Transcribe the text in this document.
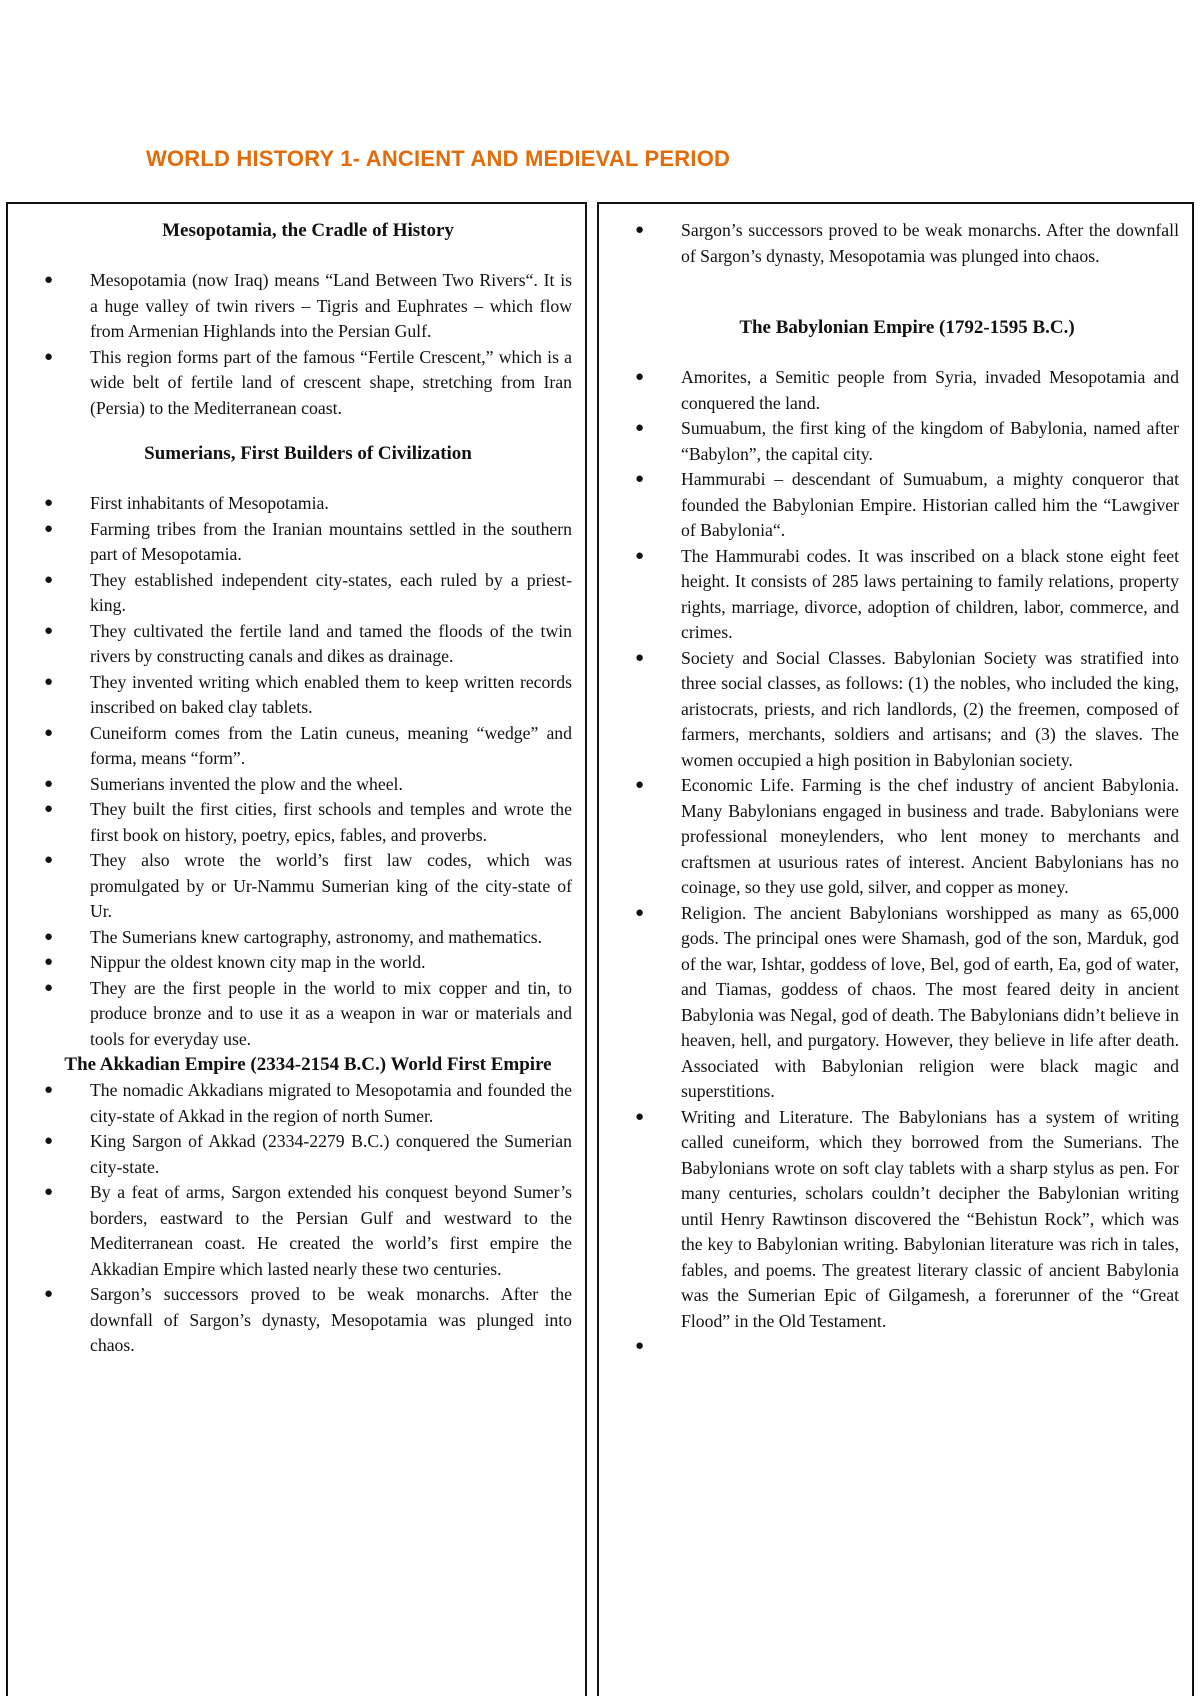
WORLD HISTORY 1- ANCIENT AND MEDIEVAL PERIOD
Mesopotamia, the Cradle of History
● Mesopotamia (now Iraq) means “Land Between Two Rivers“. It is a huge valley of twin rivers – Tigris and Euphrates – which flow from Armenian Highlands into the Persian Gulf.
● This region forms part of the famous “Fertile Crescent,” which is a wide belt of fertile land of crescent shape, stretching from Iran (Persia) to the Mediterranean coast.
Sumerians, First Builders of Civilization
● First inhabitants of Mesopotamia.
● Farming tribes from the Iranian mountains settled in the southern part of Mesopotamia.
● They established independent city-states, each ruled by a priest-king.
● They cultivated the fertile land and tamed the floods of the twin rivers by constructing canals and dikes as drainage.
● They invented writing which enabled them to keep written records inscribed on baked clay tablets.
● Cuneiform comes from the Latin cuneus, meaning “wedge” and forma, means “form”.
● Sumerians invented the plow and the wheel.
● They built the first cities, first schools and temples and wrote the first book on history, poetry, epics, fables, and proverbs.
● They also wrote the world’s first law codes, which was promulgated by or Ur-Nammu Sumerian king of the city-state of Ur.
● The Sumerians knew cartography, astronomy, and mathematics.
● Nippur the oldest known city map in the world.
● They are the first people in the world to mix copper and tin, to produce bronze and to use it as a weapon in war or materials and tools for everyday use.
The Akkadian Empire (2334-2154 B.C.) World First Empire
● The nomadic Akkadians migrated to Mesopotamia and founded the city-state of Akkad in the region of north Sumer.
● King Sargon of Akkad (2334-2279 B.C.) conquered the Sumerian city-state.
● By a feat of arms, Sargon extended his conquest beyond Sumer’s borders, eastward to the Persian Gulf and westward to the Mediterranean coast. He created the world’s first empire the Akkadian Empire which lasted nearly these two centuries.
● Sargon’s successors proved to be weak monarchs. After the downfall of Sargon’s dynasty, Mesopotamia was plunged into chaos.
● Sargon’s successors proved to be weak monarchs. After the downfall of Sargon’s dynasty, Mesopotamia was plunged into chaos.
The Babylonian Empire (1792-1595 B.C.)
● Amorites, a Semitic people from Syria, invaded Mesopotamia and conquered the land.
● Sumuabum, the first king of the kingdom of Babylonia, named after “Babylon”, the capital city.
● Hammurabi – descendant of Sumuabum, a mighty conqueror that founded the Babylonian Empire. Historian called him the “Lawgiver of Babylonia“.
● The Hammurabi codes. It was inscribed on a black stone eight feet height. It consists of 285 laws pertaining to family relations, property rights, marriage, divorce, adoption of children, labor, commerce, and crimes.
● Society and Social Classes. Babylonian Society was stratified into three social classes, as follows: (1) the nobles, who included the king, aristocrats, priests, and rich landlords, (2) the freemen, composed of farmers, merchants, soldiers and artisans; and (3) the slaves. The women occupied a high position in Babylonian society.
● Economic Life. Farming is the chef industry of ancient Babylonia. Many Babylonians engaged in business and trade. Babylonians were professional moneylenders, who lent money to merchants and craftsmen at usurious rates of interest. Ancient Babylonians has no coinage, so they use gold, silver, and copper as money.
● Religion. The ancient Babylonians worshipped as many as 65,000 gods. The principal ones were Shamash, god of the son, Marduk, god of the war, Ishtar, goddess of love, Bel, god of earth, Ea, god of water, and Tiamas, goddess of chaos. The most feared deity in ancient Babylonia was Negal, god of death. The Babylonians didn’t believe in heaven, hell, and purgatory. However, they believe in life after death. Associated with Babylonian religion were black magic and superstitions.
● Writing and Literature. The Babylonians has a system of writing called cuneiform, which they borrowed from the Sumerians. The Babylonians wrote on soft clay tablets with a sharp stylus as pen. For many centuries, scholars couldn’t decipher the Babylonian writing until Henry Rawtinson discovered the “Behistun Rock”, which was the key to Babylonian writing. Babylonian literature was rich in tales, fables, and poems. The greatest literary classic of ancient Babylonia was the Sumerian Epic of Gilgamesh, a forerunner of the “Great Flood” in the Old Testament.
●
